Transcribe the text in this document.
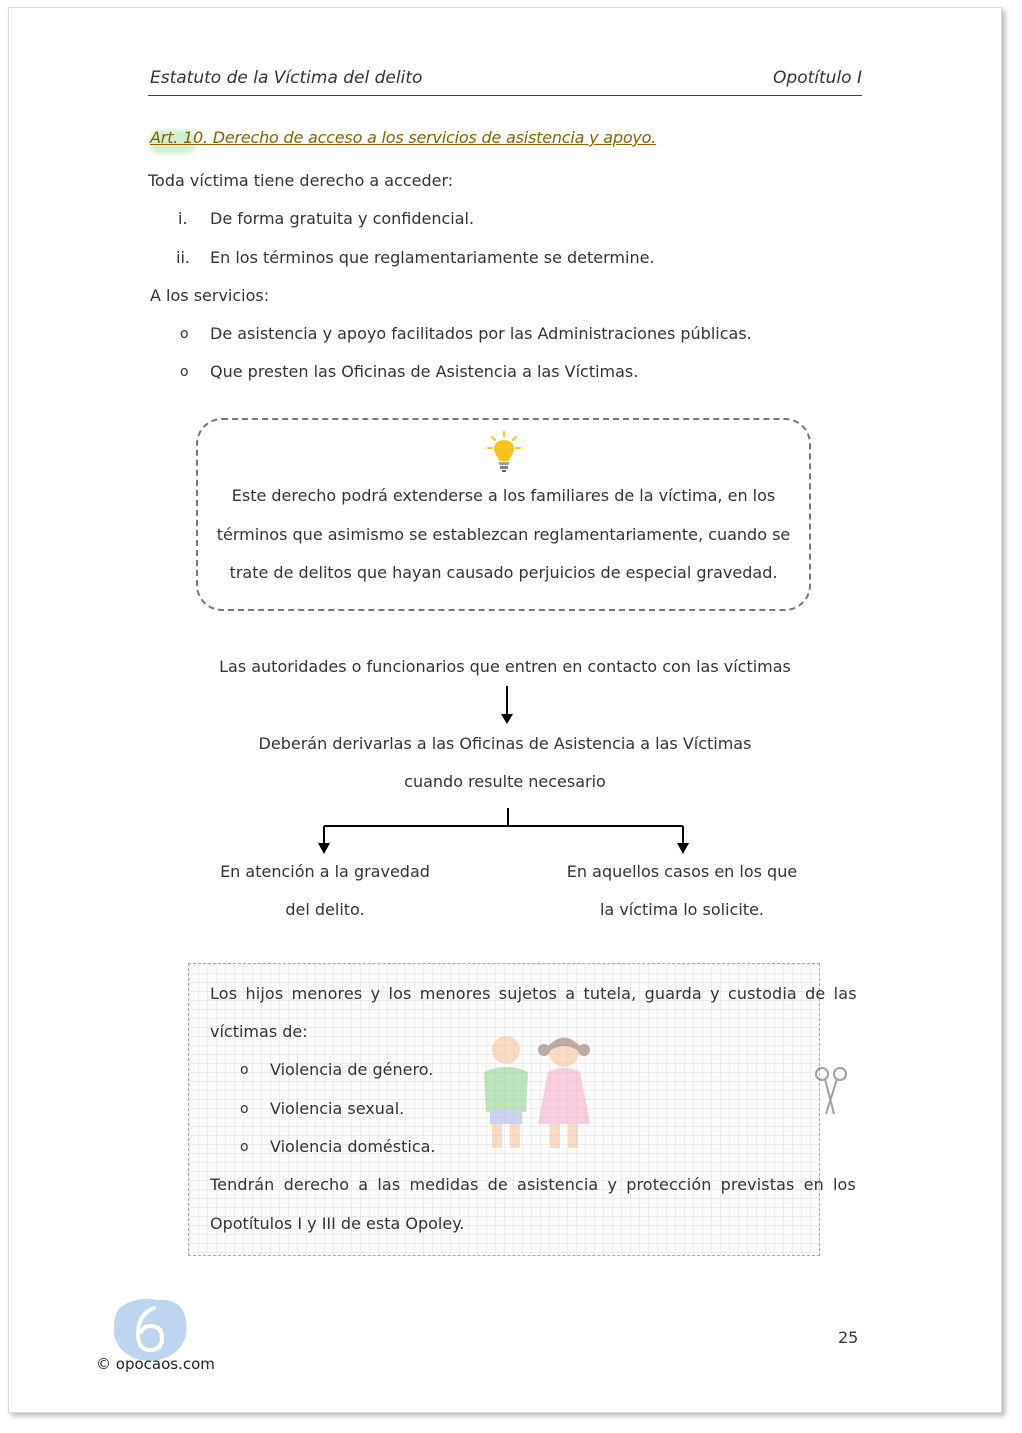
Estatuto de la Víctima del delito	Opotítulo I
Art. 10. Derecho de acceso a los servicios de asistencia y apoyo.
Toda víctima tiene derecho a acceder:
i. De forma gratuita y confidencial.
ii. En los términos que reglamentariamente se determine.
A los servicios:
o De asistencia y apoyo facilitados por las Administraciones públicas.
o Que presten las Oficinas de Asistencia a las Víctimas.
Este derecho podrá extenderse a los familiares de la víctima, en los
términos que asimismo se establezcan reglamentariamente, cuando se
trate de delitos que hayan causado perjuicios de especial gravedad.
Las autoridades o funcionarios que entren en contacto con las víctimas
Deberán derivarlas a las Oficinas de Asistencia a las Víctimas
cuando resulte necesario
En atención a la gravedad
del delito.
En aquellos casos en los que
la víctima lo solicite.
Los hijos menores y los menores sujetos a tutela, guarda y custodia de las
víctimas de:
o Violencia de género.
o Violencia sexual.
o Violencia doméstica.
Tendrán derecho a las medidas de asistencia y protección previstas en los
Opotítulos I y III de esta Opoley.
© opocaos.com
25
